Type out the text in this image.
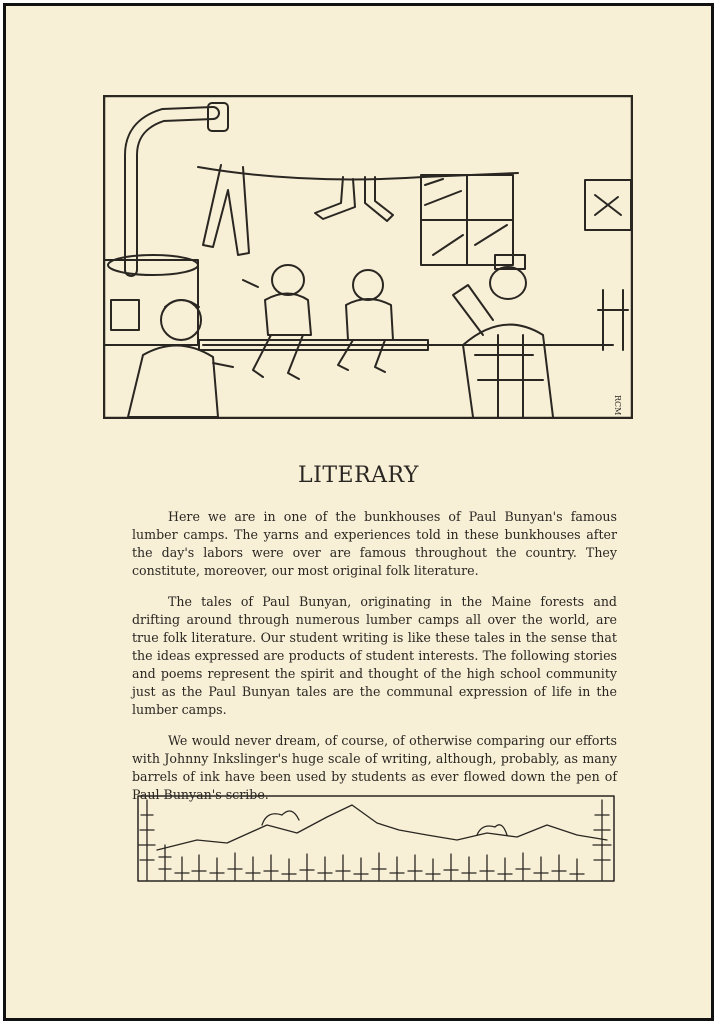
RCM
LITERARY

Here we are in one of the bunkhouses of Paul Bunyan's famous lumber camps. The yarns and experiences told in these bunkhouses after the day's labors were over are famous throughout the country. They constitute, moreover, our most original folk literature.

The tales of Paul Bunyan, originating in the Maine forests and drifting around through numerous lumber camps all over the world, are true folk literature. Our student writing is like these tales in the sense that the ideas expressed are products of student interests. The following stories and poems represent the spirit and thought of the high school community just as the Paul Bunyan tales are the communal expression of life in the lumber camps.

We would never dream, of course, of otherwise comparing our efforts with Johnny Inkslinger's huge scale of writing, although, probably, as many barrels of ink have been used by students as ever flowed down the pen of Paul Bunyan's scribe.
